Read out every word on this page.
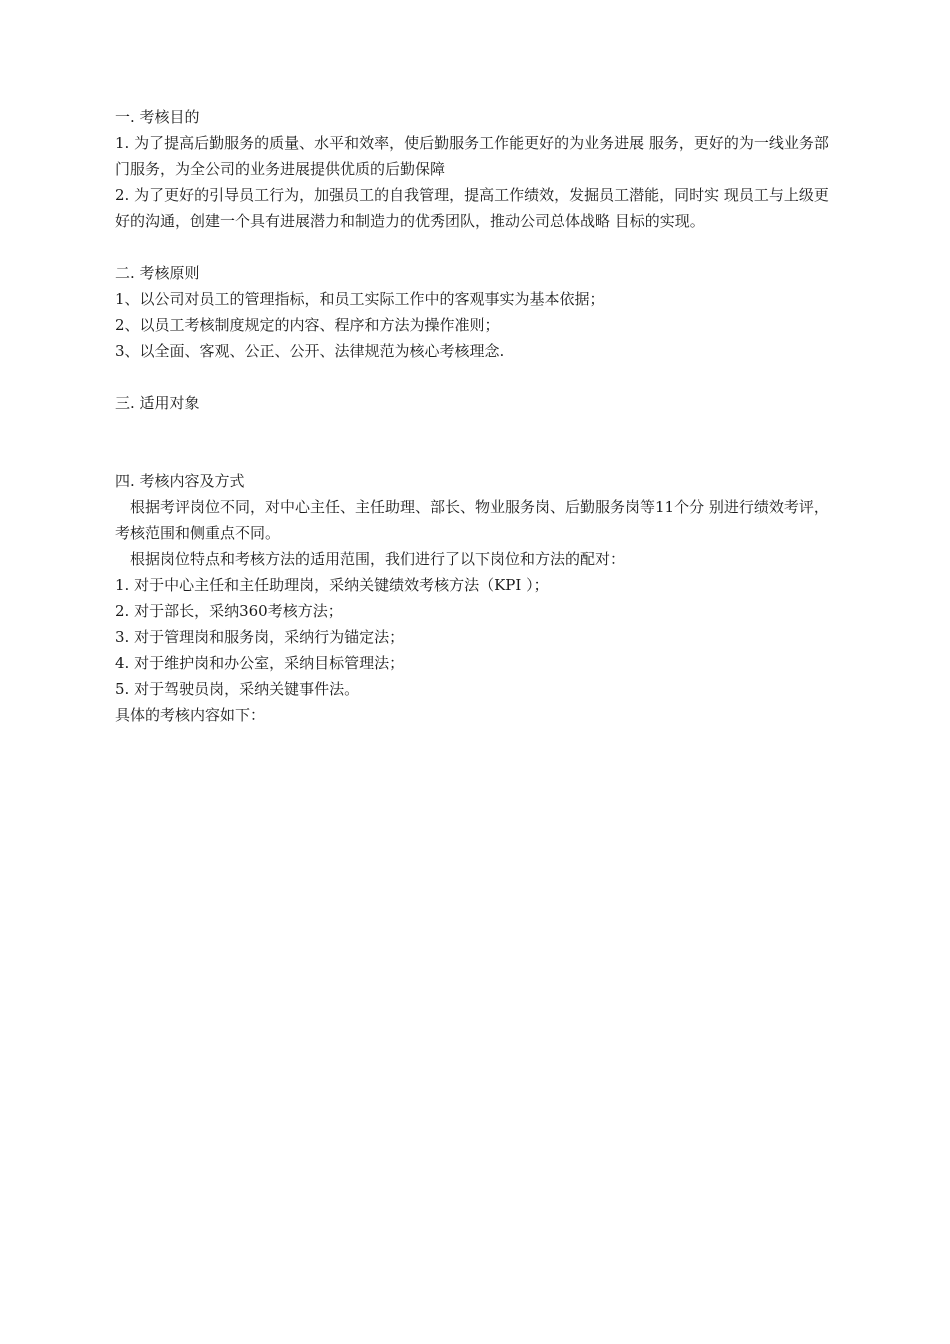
一. 考核目的

1. 为了提高后勤服务的质量、水平和效率，使后勤服务工作能更好的为业务进展 服务，更好的为一线业务部门服务，为全公司的业务进展提供优质的后勤保障

2. 为了更好的引导员工行为，加强员工的自我管理，提高工作绩效，发掘员工潜能，同时实 现员工与上级更好的沟通，创建一个具有进展潜力和制造力的优秀团队，推动公司总体战略 目标的实现。

二. 考核原则

1、以公司对员工的管理指标，和员工实际工作中的客观事实为基本依据；

2、以员工考核制度规定的内容、程序和方法为操作准则；

3、以全面、客观、公正、公开、法律规范为核心考核理念.

三. 适用对象

四. 考核内容及方式

根据考评岗位不同，对中心主任、主任助理、部长、物业服务岗、后勤服务岗等11个分 别进行绩效考评，考核范围和侧重点不同。

根据岗位特点和考核方法的适用范围，我们进行了以下岗位和方法的配对：

1. 对于中心主任和主任助理岗，采纳关键绩效考核方法（KPI ）；

2. 对于部长，采纳360考核方法；

3. 对于管理岗和服务岗，采纳行为锚定法；

4. 对于维护岗和办公室，采纳目标管理法；

5. 对于驾驶员岗，采纳关键事件法。

具体的考核内容如下：
